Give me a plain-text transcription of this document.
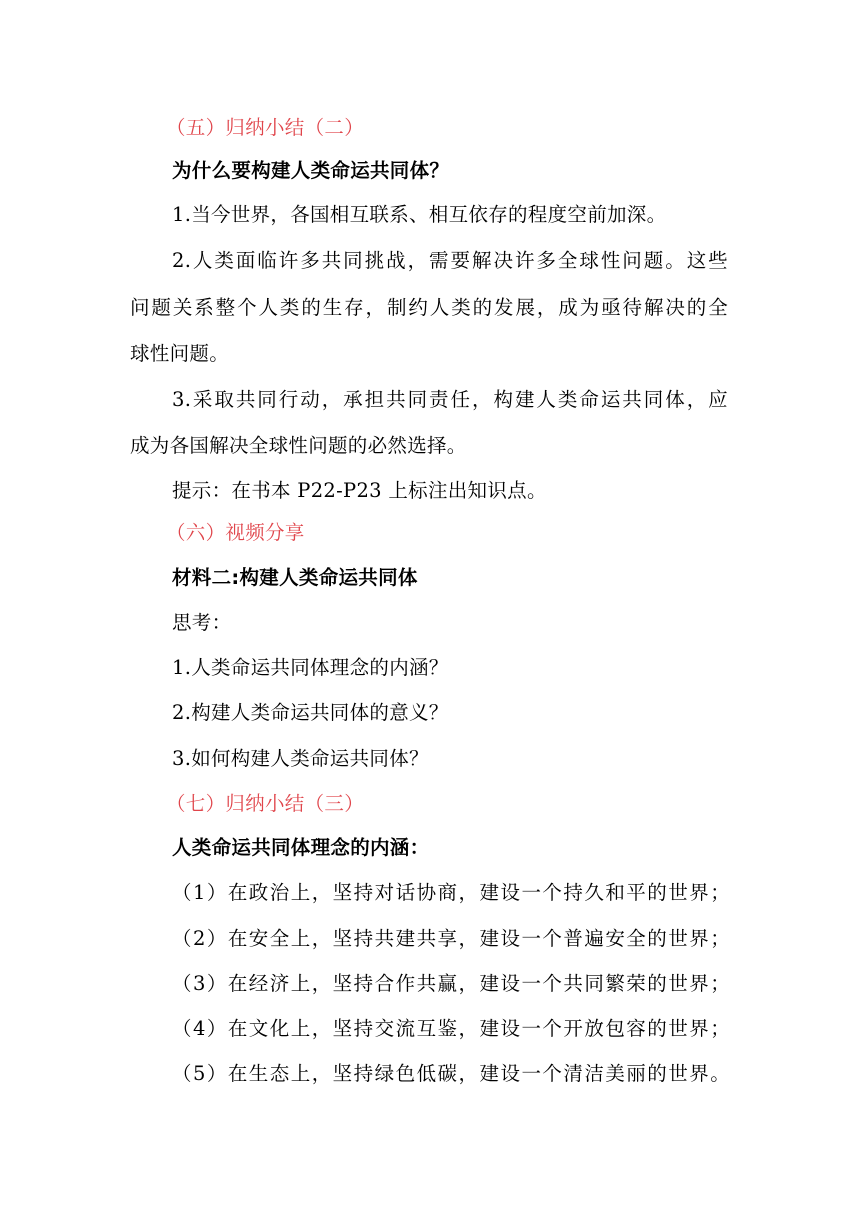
（五）归纳小结（二）
为什么要构建人类命运共同体？
1.当今世界，各国相互联系、相互依存的程度空前加深。
2.人类面临许多共同挑战，需要解决许多全球性问题。这些
问题关系整个人类的生存，制约人类的发展，成为亟待解决的全
球性问题。
3.采取共同行动，承担共同责任，构建人类命运共同体，应
成为各国解决全球性问题的必然选择。
提示：在书本 P22-P23 上标注出知识点。
（六）视频分享
材料二:构建人类命运共同体
思考：
1.人类命运共同体理念的内涵？
2.构建人类命运共同体的意义？
3.如何构建人类命运共同体？
（七）归纳小结（三）
人类命运共同体理念的内涵：
（1）在政治上，坚持对话协商，建设一个持久和平的世界；
（2）在安全上，坚持共建共享，建设一个普遍安全的世界；
（3）在经济上，坚持合作共赢，建设一个共同繁荣的世界；
（4）在文化上，坚持交流互鉴，建设一个开放包容的世界；
（5）在生态上，坚持绿色低碳，建设一个清洁美丽的世界。
